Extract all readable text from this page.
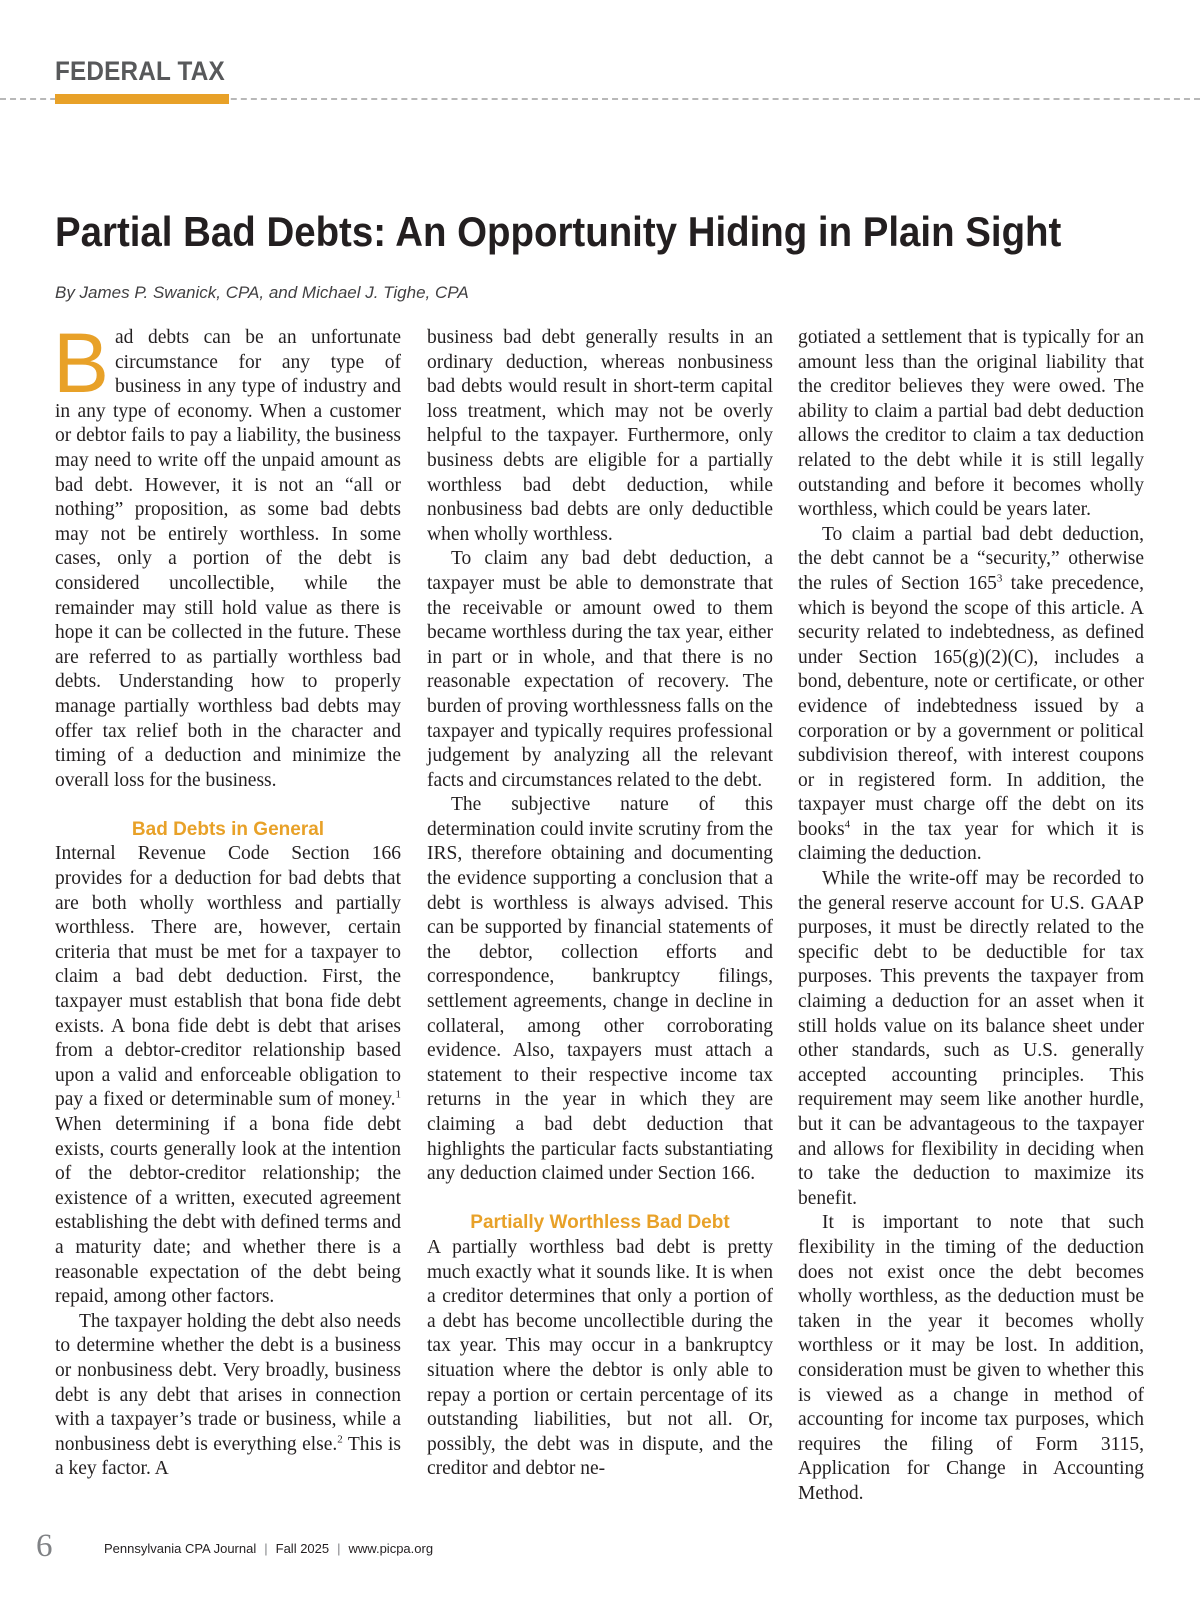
FEDERAL TAX
Partial Bad Debts: An Opportunity Hiding in Plain Sight
By James P. Swanick, CPA, and Michael J. Tighe, CPA

Bad debts can be an unfortunate circumstance for any type of business in any type of industry and in any type of economy. When a customer or debtor fails to pay a liability, the business may need to write off the unpaid amount as bad debt. However, it is not an “all or nothing” proposition, as some bad debts may not be entirely worthless. In some cases, only a portion of the debt is considered uncollectible, while the remainder may still hold value as there is hope it can be collected in the future. These are referred to as partially worthless bad debts. Understanding how to properly manage partially worthless bad debts may offer tax relief both in the character and timing of a deduction and minimize the overall loss for the business.

Bad Debts in General

Internal Revenue Code Section 166 provides for a deduction for bad debts that are both wholly worthless and partially worthless. There are, however, certain criteria that must be met for a taxpayer to claim a bad debt deduction. First, the taxpayer must establish that bona fide debt exists. A bona fide debt is debt that arises from a debtor-creditor relationship based upon a valid and enforceable obligation to pay a fixed or determinable sum of money.$^1$ When determining if a bona fide debt exists, courts generally look at the intention of the debtor-creditor relationship; the existence of a written, executed agreement establishing the debt with defined terms and a maturity date; and whether there is a reasonable expectation of the debt being repaid, among other factors.

The taxpayer holding the debt also needs to determine whether the debt is a business or nonbusiness debt. Very broadly, business debt is any debt that arises in connection with a taxpayer’s trade or business, while a nonbusiness debt is everything else.$^2$ This is a key factor. A

business bad debt generally results in an ordinary deduction, whereas nonbusiness bad debts would result in short-term capital loss treatment, which may not be overly helpful to the taxpayer. Furthermore, only business debts are eligible for a partially worthless bad debt deduction, while nonbusiness bad debts are only deductible when wholly worthless.

To claim any bad debt deduction, a taxpayer must be able to demonstrate that the receivable or amount owed to them became worthless during the tax year, either in part or in whole, and that there is no reasonable expectation of recovery. The burden of proving worthlessness falls on the taxpayer and typically requires professional judgement by analyzing all the relevant facts and circumstances related to the debt.

The subjective nature of this determination could invite scrutiny from the IRS, therefore obtaining and documenting the evidence supporting a conclusion that a debt is worthless is always advised. This can be supported by financial statements of the debtor, collection efforts and correspondence, bankruptcy filings, settlement agreements, change in decline in collateral, among other corroborating evidence. Also, taxpayers must attach a statement to their respective income tax returns in the year in which they are claiming a bad debt deduction that highlights the particular facts substantiating any deduction claimed under Section 166.

Partially Worthless Bad Debt

A partially worthless bad debt is pretty much exactly what it sounds like. It is when a creditor determines that only a portion of a debt has become uncollectible during the tax year. This may occur in a bankruptcy situation where the debtor is only able to repay a portion or certain percentage of its outstanding liabilities, but not all. Or, possibly, the debt was in dispute, and the creditor and debtor ne-

gotiated a settlement that is typically for an amount less than the original liability that the creditor believes they were owed. The ability to claim a partial bad debt deduction allows the creditor to claim a tax deduction related to the debt while it is still legally outstanding and before it becomes wholly worthless, which could be years later.

To claim a partial bad debt deduction, the debt cannot be a “security,” otherwise the rules of Section $165^3$ take precedence, which is beyond the scope of this article. A security related to indebtedness, as defined under Section 165(g)(2)(C), includes a bond, debenture, note or certificate, or other evidence of indebtedness issued by a corporation or by a government or political subdivision thereof, with interest coupons or in registered form. In addition, the taxpayer must charge off the debt on its books$^4$ in the tax year for which it is claiming the deduction.

While the write-off may be recorded to the general reserve account for U.S. GAAP purposes, it must be directly related to the specific debt to be deductible for tax purposes. This prevents the taxpayer from claiming a deduction for an asset when it still holds value on its balance sheet under other standards, such as U.S. generally accepted accounting principles. This requirement may seem like another hurdle, but it can be advantageous to the taxpayer and allows for flexibility in deciding when to take the deduction to maximize its benefit.

It is important to note that such flexibility in the timing of the deduction does not exist once the debt becomes wholly worthless, as the deduction must be taken in the year it becomes wholly worthless or it may be lost. In addition, consideration must be given to whether this is viewed as a change in method of accounting for income tax purposes, which requires the filing of Form 3115, Application for Change in Accounting Method.

6	Pennsylvania CPA Journal | Fall 2025 | www.picpa.org
